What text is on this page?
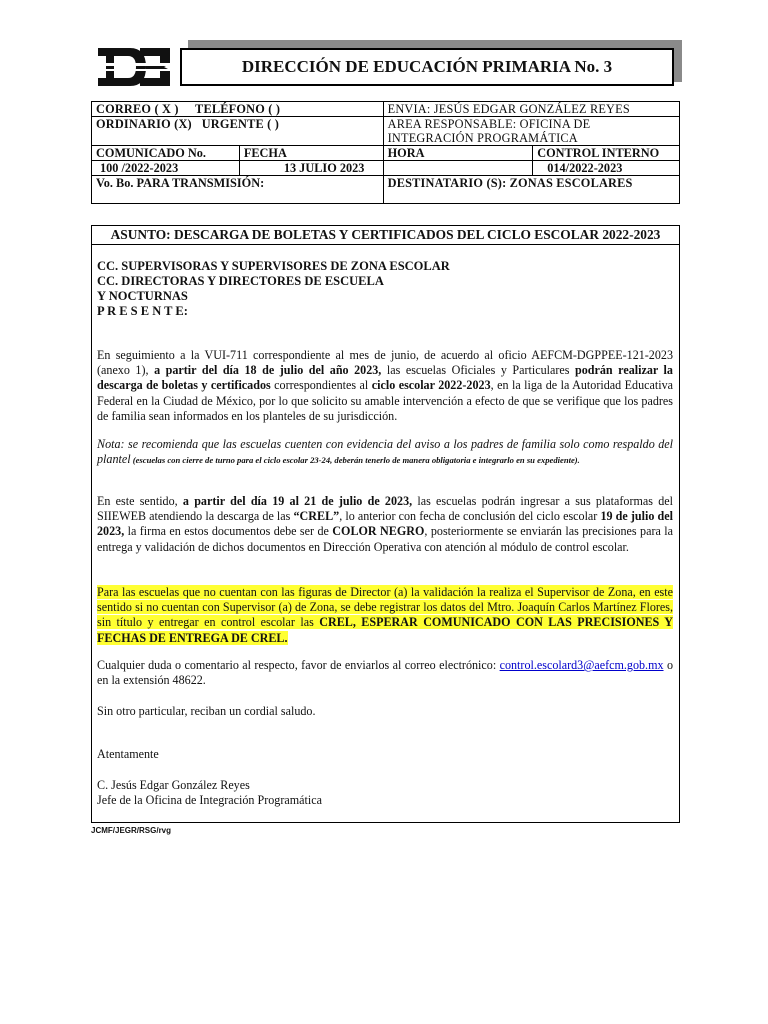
DIRECCIÓN DE EDUCACIÓN PRIMARIA No. 3
CORREO ( X ) TELÉFONO ( )		ENVIA: JESÚS EDGAR GONZÁLEZ REYES	
ORDINARIO (X) URGENTE ( )		AREA RESPONSABLE: OFICINA DE
INTEGRACIÓN PROGRAMÁTICA	

COMUNICADO No.	FECHA	HORA	CONTROL INTERNO
100 /2022-2023	13 JULIO 2023		014/2022-2023
Vo. Bo. PARA TRANSMISIÓN:		DESTINATARIO (S): ZONAS ESCOLARES	
ASUNTO: DESCARGA DE BOLETAS Y CERTIFICADOS DEL CICLO ESCOLAR 2022-2023
CC. SUPERVISORAS Y SUPERVISORES DE ZONA ESCOLAR
CC. DIRECTORAS Y DIRECTORES DE ESCUELA
Y NOCTURNAS
P R E S E N T E:
En seguimiento a la VUI-711 correspondiente al mes de junio, de acuerdo al oficio AEFCM-DGPPEE-121-2023 (anexo 1), a partir del día 18 de julio del año 2023, las escuelas Oficiales y Particulares podrán realizar la descarga de boletas y certificados correspondientes al ciclo escolar 2022-2023, en la liga de la Autoridad Educativa Federal en la Ciudad de México, por lo que solicito su amable intervención a efecto de que se verifique que los padres de familia sean informados en los planteles de su jurisdicción.
Nota: se recomienda que las escuelas cuenten con evidencia del aviso a los padres de familia solo como respaldo del plantel (escuelas con cierre de turno para el ciclo escolar 23-24, deberán tenerlo de manera obligatoria e integrarlo en su expediente).
En este sentido, a partir del día 19 al 21 de julio de 2023, las escuelas podrán ingresar a sus plataformas del SIIEWEB atendiendo la descarga de las “CREL”, lo anterior con fecha de conclusión del ciclo escolar 19 de julio del 2023, la firma en estos documentos debe ser de COLOR NEGRO, posteriormente se enviarán las precisiones para la entrega y validación de dichos documentos en Dirección Operativa con atención al módulo de control escolar.
Para las escuelas que no cuentan con las figuras de Director (a) la validación la realiza el Supervisor de Zona, en este sentido si no cuentan con Supervisor (a) de Zona, se debe registrar los datos del Mtro. Joaquín Carlos Martínez Flores, sin título y entregar en control escolar las CREL, ESPERAR COMUNICADO CON LAS PRECISIONES Y FECHAS DE ENTREGA DE CREL.
Cualquier duda o comentario al respecto, favor de enviarlos al correo electrónico: control.escolard3@aefcm.gob.mx o en la extensión 48622.
Sin otro particular, reciban un cordial saludo.
Atentamente
C. Jesús Edgar González Reyes
Jefe de la Oficina de Integración Programática
JCMF/JEGR/RSG/rvg
